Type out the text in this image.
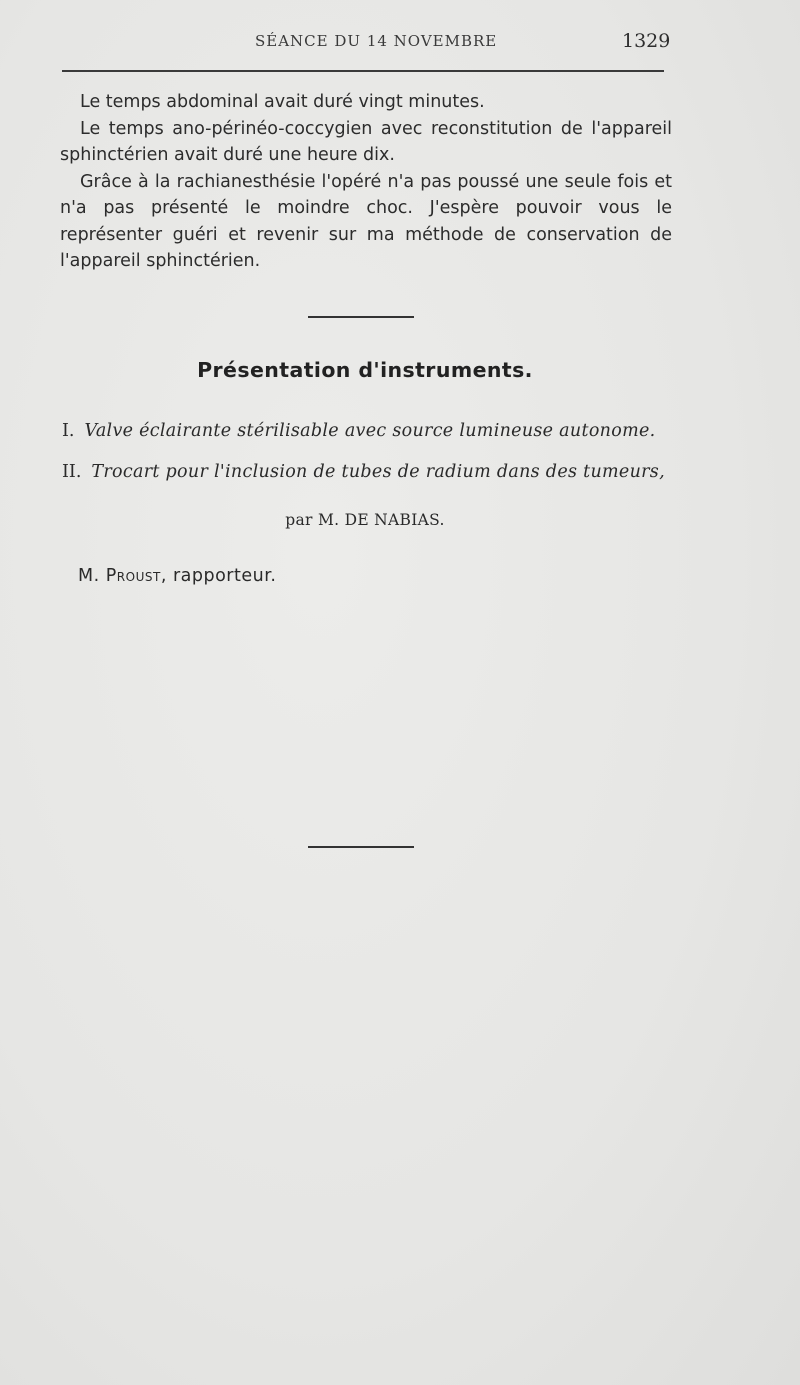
SÉANCE DU 14 NOVEMBRE	1329

Le temps abdominal avait duré vingt minutes.

Le temps ano-périnéo-coccygien avec reconstitution de l'appareil sphinctérien avait duré une heure dix.

Grâce à la rachianesthésie l'opéré n'a pas poussé une seule fois et n'a pas présenté le moindre choc. J'espère pouvoir vous le représenter guéri et revenir sur ma méthode de conservation de l'appareil sphinctérien.

Présentation d'instruments.
I. Valve éclairante stérilisable avec source lumineuse autonome.
II. Trocart pour l'inclusion de tubes de radium dans des tumeurs,
par M. DE NABIAS.
M. Proust, rapporteur.
